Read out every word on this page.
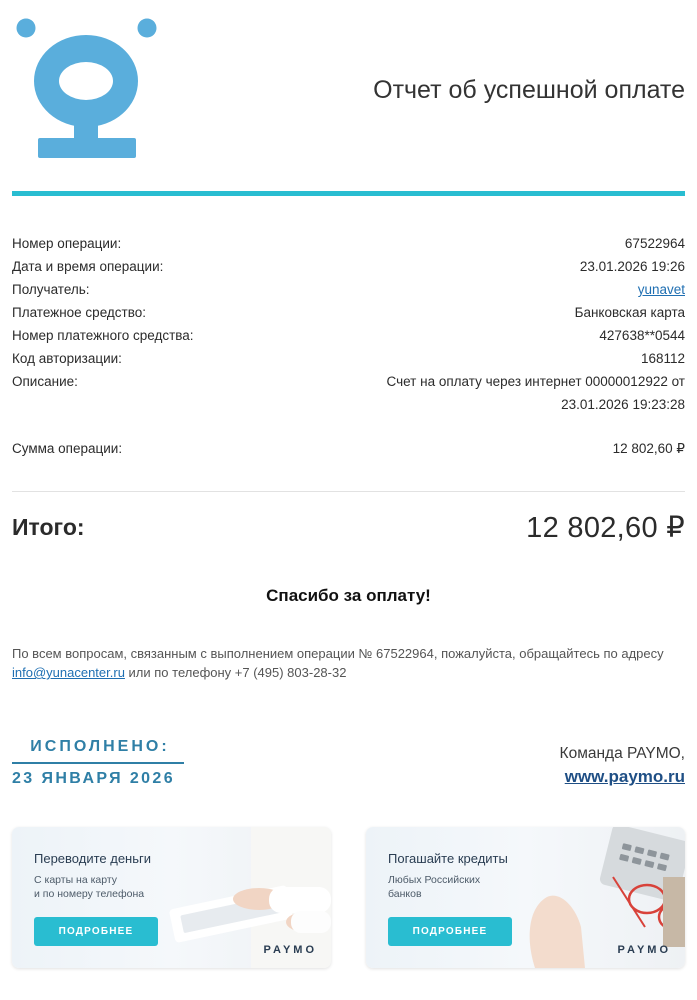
Отчет об успешной оплате
Номер операции:	67522964
Дата и время операции:	23.01.2026 19:26
Получатель:	yunavet
Платежное средство:	Банковская карта
Номер платежного средства:	427638**0544
Код авторизации:	168112
Описание:	Счет на оплату через интернет 00000012922 от
23.01.2026 19:23:28
Сумма операции:	12 802,60 ₽
Итого:	12 802,60 ₽
Спасибо за оплату!
По всем вопросам, связанным с выполнением операции № 67522964, пожалуйста, обращайтесь по адресу info@yunacenter.ru или по телефону +7 (495) 803-28-32
ИСПОЛНЕНО:
23 ЯНВАРЯ 2026
Команда PAYMO,
www.paymo.ru
Переводите деньги
С карты на карту
и по номеру телефона
ПОДРОБНЕЕ
PAYMO
Погашайте кредиты
Любых Российских
банков
ПОДРОБНЕЕ
PAYMO
